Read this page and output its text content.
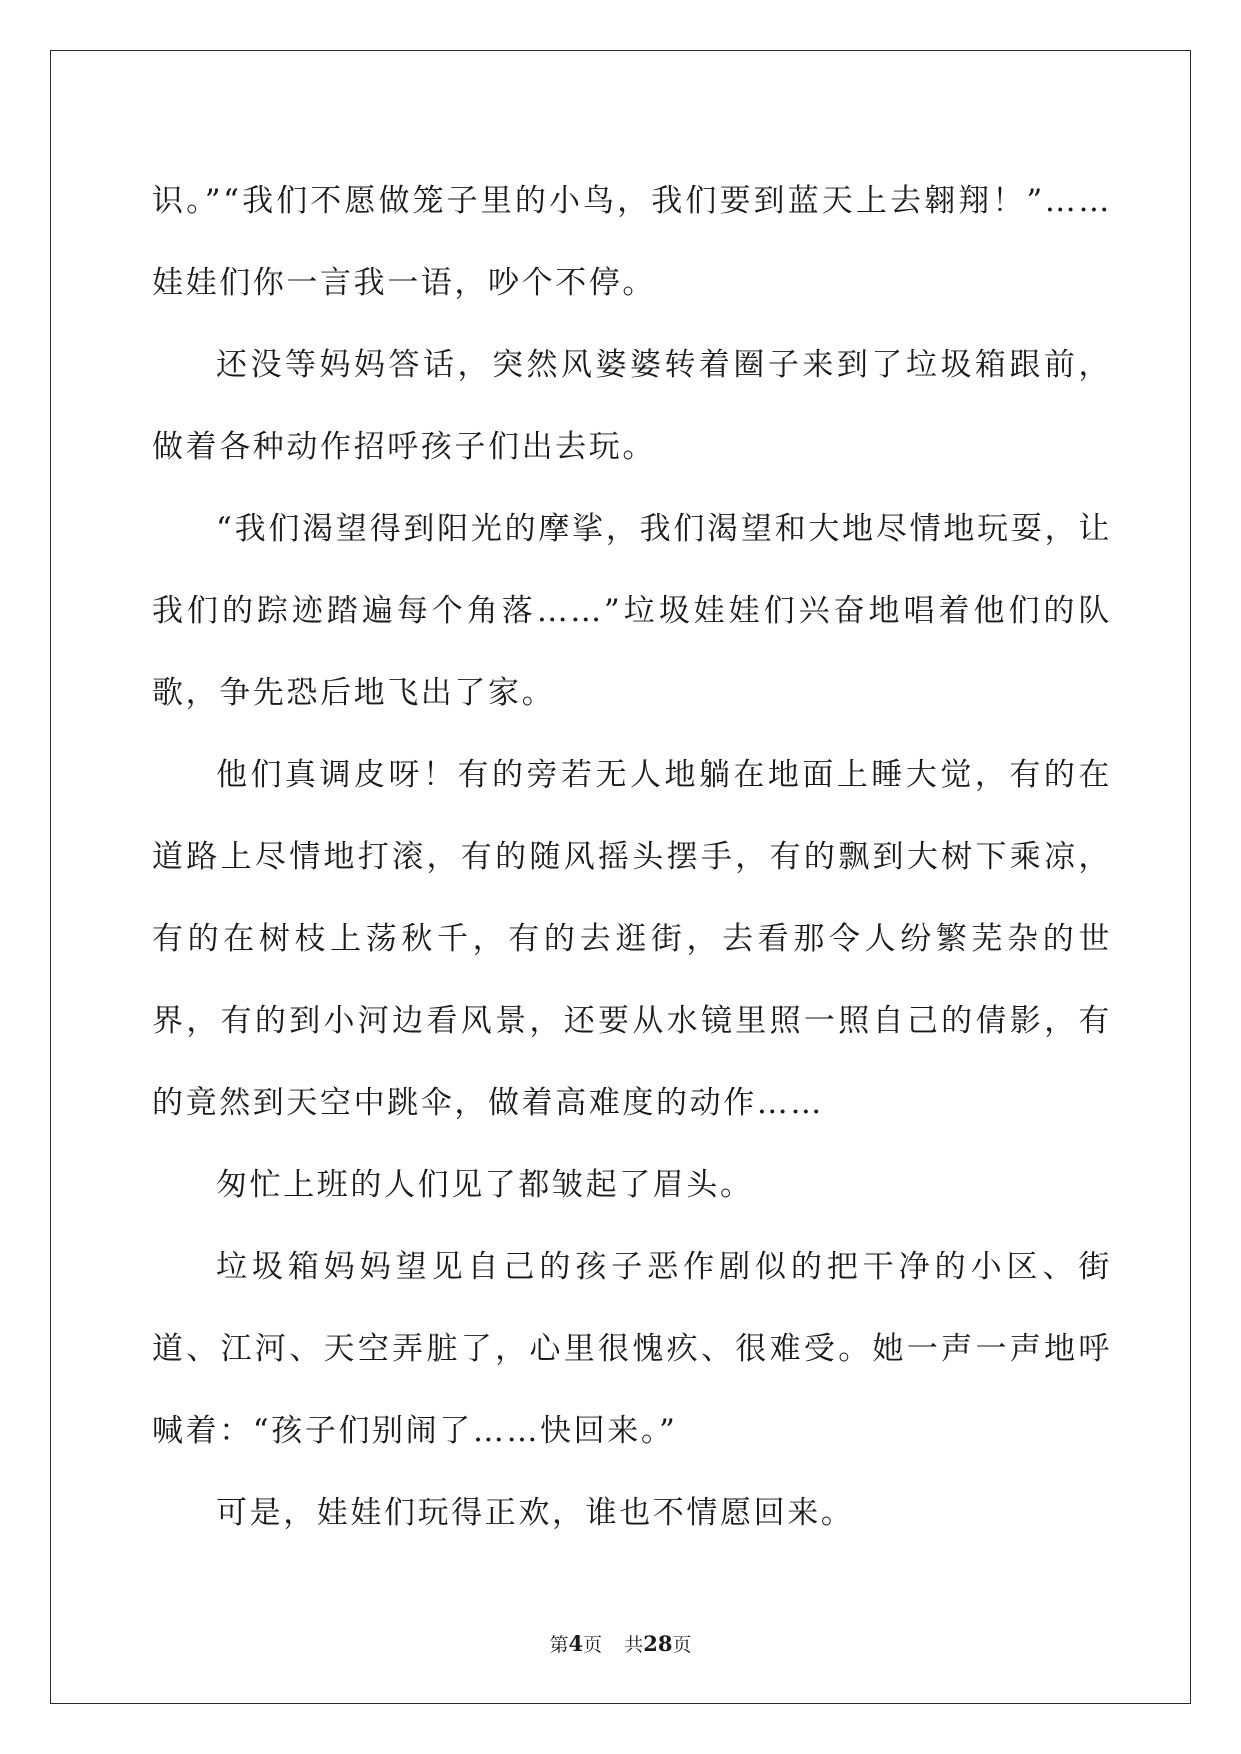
识。”“我们不愿做笼子里的小鸟，我们要到蓝天上去翱翔！”……娃娃们你一言我一语，吵个不停。

还没等妈妈答话，突然风婆婆转着圈子来到了垃圾箱跟前，做着各种动作招呼孩子们出去玩。

“我们渴望得到阳光的摩挲，我们渴望和大地尽情地玩耍，让我们的踪迹踏遍每个角落……”垃圾娃娃们兴奋地唱着他们的队歌，争先恐后地飞出了家。

他们真调皮呀！有的旁若无人地躺在地面上睡大觉，有的在道路上尽情地打滚，有的随风摇头摆手，有的飘到大树下乘凉，有的在树枝上荡秋千，有的去逛街，去看那令人纷繁芜杂的世界，有的到小河边看风景，还要从水镜里照一照自己的倩影，有的竟然到天空中跳伞，做着高难度的动作……

匆忙上班的人们见了都皱起了眉头。

垃圾箱妈妈望见自己的孩子恶作剧似的把干净的小区、街道、江河、天空弄脏了，心里很愧疚、很难受。她一声一声地呼喊着：“孩子们别闹了……快回来。”

可是，娃娃们玩得正欢，谁也不情愿回来。

第4页 共28页
